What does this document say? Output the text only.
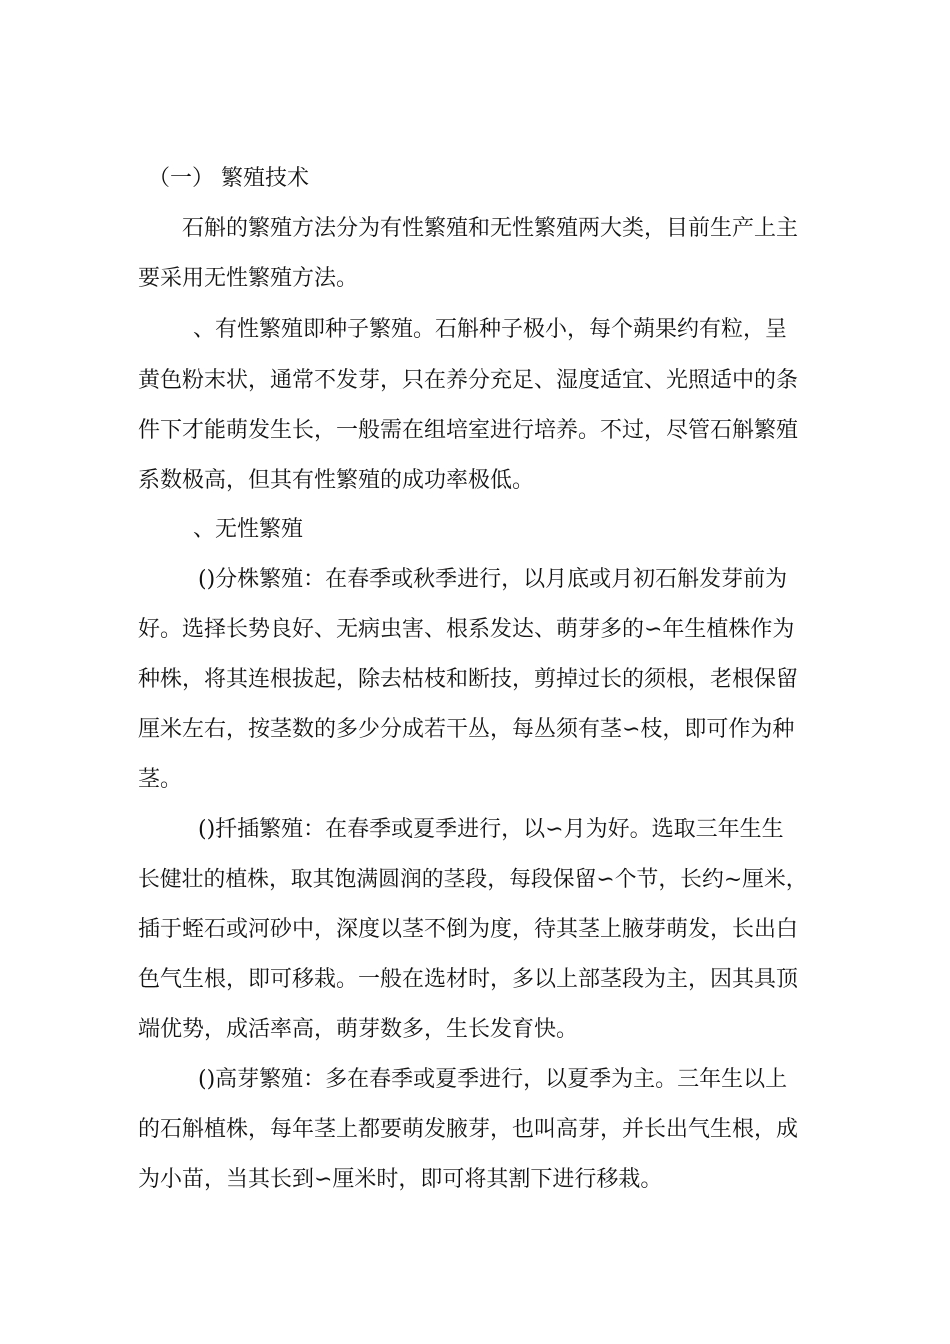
（一） 繁殖技术
石斛的繁殖方法分为有性繁殖和无性繁殖两大类，目前生产上主
要采用无性繁殖方法。
、有性繁殖即种子繁殖。石斛种子极小，每个蒴果约有粒，呈
黄色粉末状，通常不发芽，只在养分充足、湿度适宜、光照适中的条
件下才能萌发生长，一般需在组培室进行培养。不过，尽管石斛繁殖
系数极高，但其有性繁殖的成功率极低。
、无性繁殖
()分株繁殖：在春季或秋季进行，以月底或月初石斛发芽前为
好。选择长势良好、无病虫害、根系发达、萌芽多的∽年生植株作为
种株，将其连根拔起，除去枯枝和断技，剪掉过长的须根，老根保留
厘米左右，按茎数的多少分成若干丛，每丛须有茎∽枝，即可作为种
茎。
()扦插繁殖：在春季或夏季进行，以∽月为好。选取三年生生
长健壮的植株，取其饱满圆润的茎段，每段保留∽个节，长约~厘米，
插于蛭石或河砂中，深度以茎不倒为度，待其茎上腋芽萌发，长出白
色气生根，即可移栽。一般在选材时，多以上部茎段为主，因其具顶
端优势，成活率高，萌芽数多，生长发育快。
()高芽繁殖：多在春季或夏季进行，以夏季为主。三年生以上
的石斛植株，每年茎上都要萌发腋芽，也叫高芽，并长出气生根，成
为小苗，当其长到∽厘米时，即可将其割下进行移栽。
